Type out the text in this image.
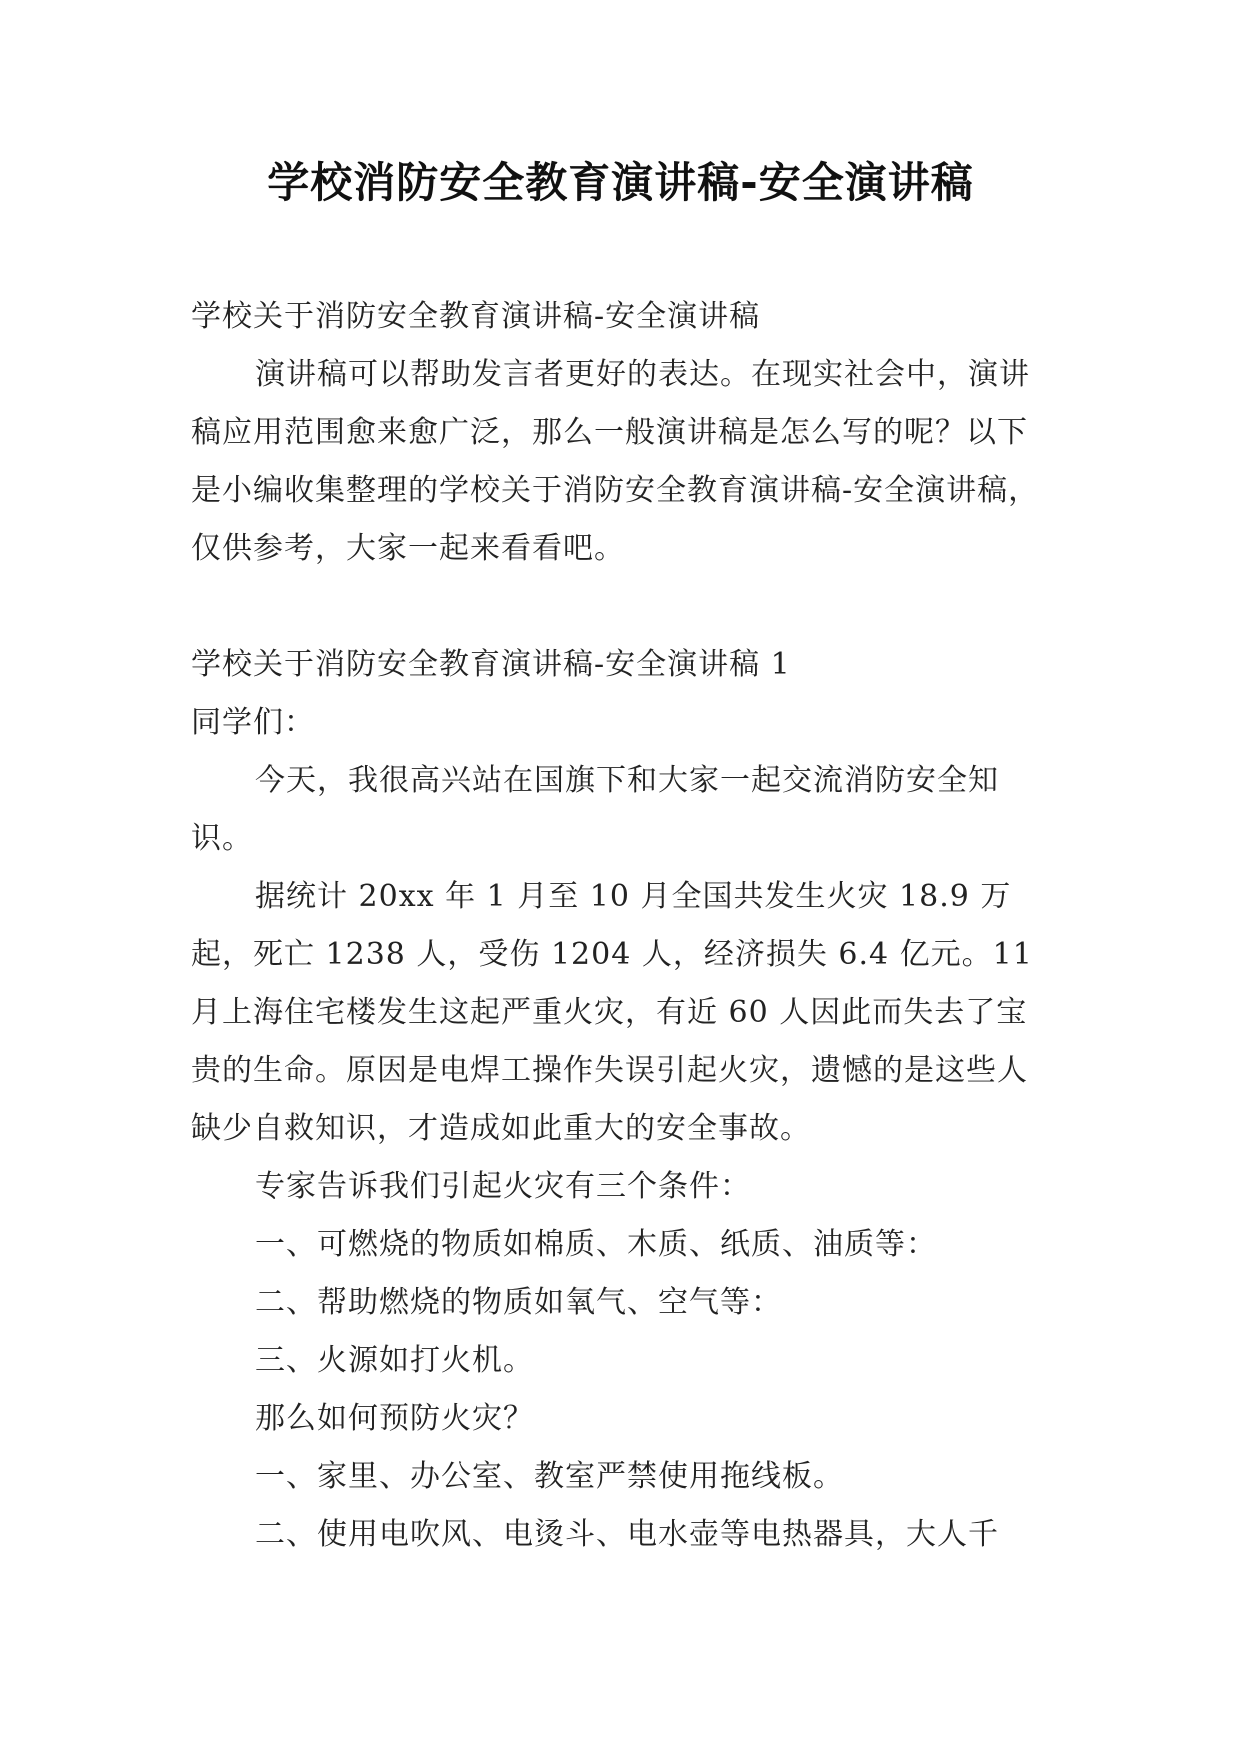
学校消防安全教育演讲稿-安全演讲稿

学校关于消防安全教育演讲稿-安全演讲稿

演讲稿可以帮助发言者更好的表达。在现实社会中，演讲稿应用范围愈来愈广泛，那么一般演讲稿是怎么写的呢？以下是小编收集整理的学校关于消防安全教育演讲稿-安全演讲稿，仅供参考，大家一起来看看吧。

学校关于消防安全教育演讲稿-安全演讲稿 1

同学们：

今天，我很高兴站在国旗下和大家一起交流消防安全知识。

据统计 20xx 年 1 月至 10 月全国共发生火灾 18.9 万起，死亡 1238 人，受伤 1204 人，经济损失 6.4 亿元。11 月上海住宅楼发生这起严重火灾，有近 60 人因此而失去了宝贵的生命。原因是电焊工操作失误引起火灾，遗憾的是这些人缺少自救知识，才造成如此重大的安全事故。

专家告诉我们引起火灾有三个条件：

一、可燃烧的物质如棉质、木质、纸质、油质等：

二、帮助燃烧的物质如氧气、空气等：

三、火源如打火机。

那么如何预防火灾？

一、家里、办公室、教室严禁使用拖线板。

二、使用电吹风、电烫斗、电水壶等电热器具，大人千
